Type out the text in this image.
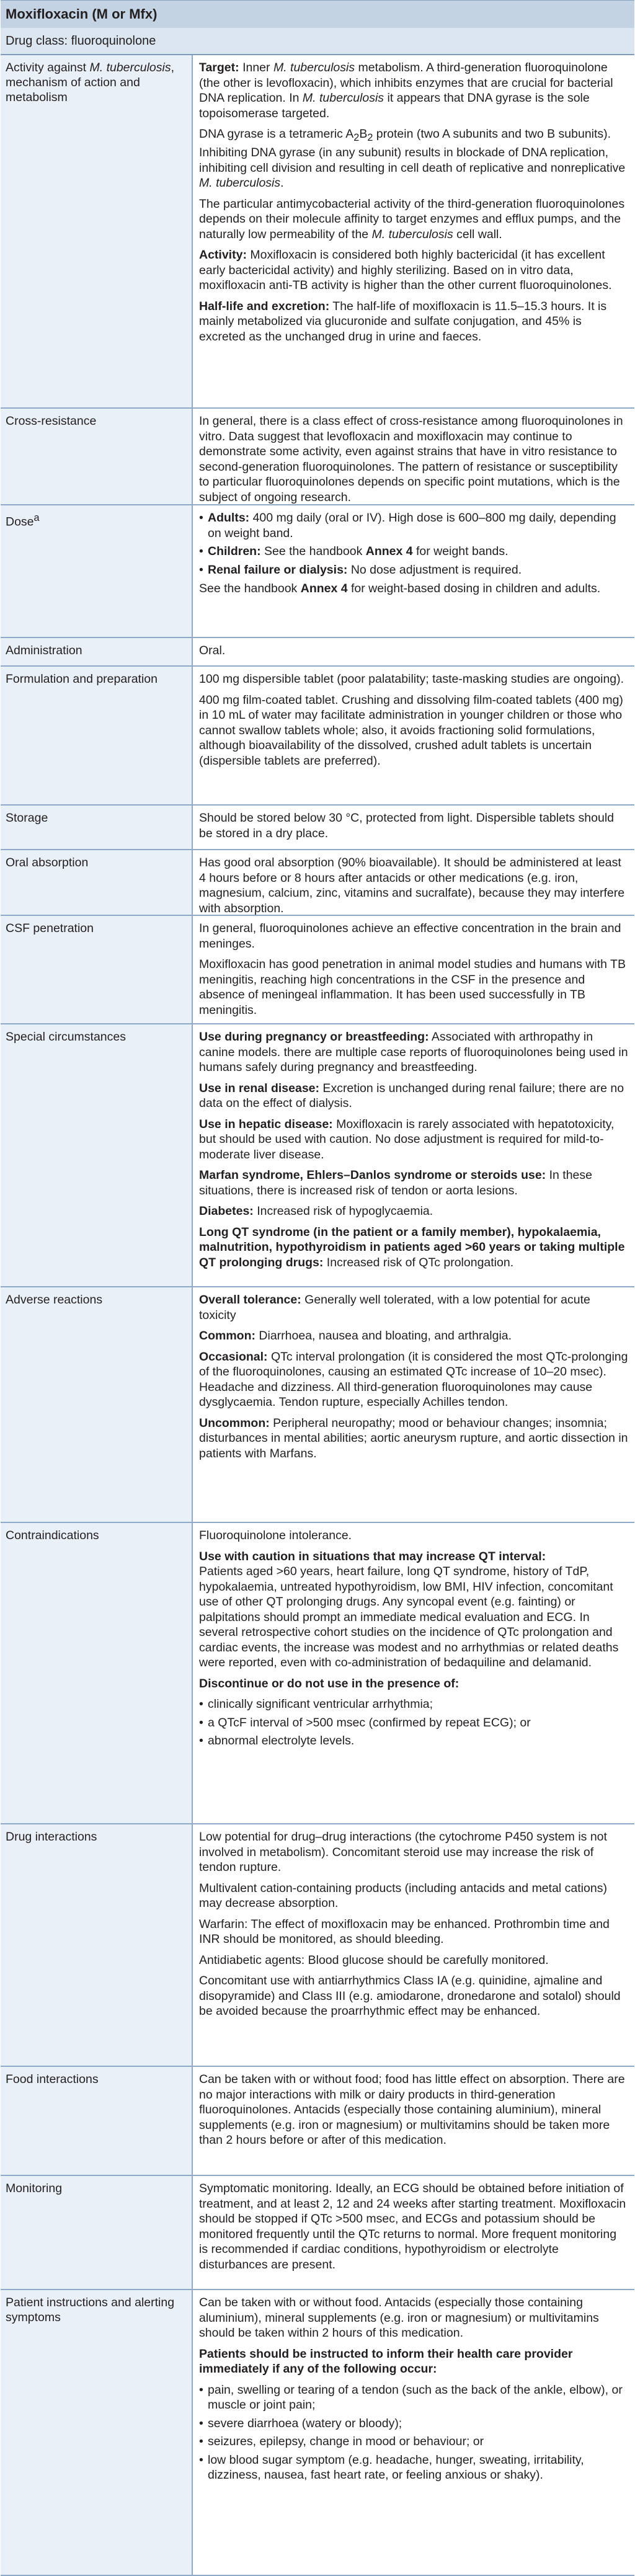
Moxifloxacin (M or Mfx)
Drug class: fluoroquinolone
Activity against M. tuberculosis, mechanism of action and metabolism

Target: Inner M. tuberculosis metabolism. A third-generation fluoroquinolone (the other is levofloxacin), which inhibits enzymes that are crucial for bacterial DNA replication. In M. tuberculosis it appears that DNA gyrase is the sole topoisomerase targeted.

DNA gyrase is a tetrameric $A_2B_2$ protein (two A subunits and two B subunits). Inhibiting DNA gyrase (in any subunit) results in blockade of DNA replication, inhibiting cell division and resulting in cell death of replicative and nonreplicative M. tuberculosis.

The particular antimycobacterial activity of the third-generation fluoroquinolones depends on their molecule affinity to target enzymes and efflux pumps, and the naturally low permeability of the M. tuberculosis cell wall.

Activity: Moxifloxacin is considered both highly bactericidal (it has excellent early bactericidal activity) and highly sterilizing. Based on in vitro data, moxifloxacin anti-TB activity is higher than the other current fluoroquinolones.

Half-life and excretion: The half-life of moxifloxacin is 11.5–15.3 hours. It is mainly metabolized via glucuronide and sulfate conjugation, and 45% is excreted as the unchanged drug in urine and faeces.

Cross-resistance	In general, there is a class effect of cross-resistance among fluoroquinolones in vitro. Data suggest that levofloxacin and moxifloxacin may continue to demonstrate some activity, even against strains that have in vitro resistance to second-generation fluoroquinolones. The pattern of resistance or susceptibility to particular fluoroquinolones depends on specific point mutations, which is the subject of ongoing research.

Dose$^a$
•	Adults: 400 mg daily (oral or IV). High dose is 600–800 mg daily, depending on weight band.
• Children: See the handbook Annex 4 for weight bands.
• Renal failure or dialysis: No dose adjustment is required.

See the handbook Annex 4 for weight-based dosing in children and adults.

Administration	Oral.

Formulation and preparation	100 mg dispersible tablet (poor palatability; taste-masking studies are ongoing).

400 mg film-coated tablet. Crushing and dissolving film-coated tablets (400 mg) in 10 mL of water may facilitate administration in younger children or those who cannot swallow tablets whole; also, it avoids fractioning solid formulations, although bioavailability of the dissolved, crushed adult tablets is uncertain (dispersible tablets are preferred).

Storage	Should be stored below 30 °C, protected from light. Dispersible tablets should be stored in a dry place.

Oral absorption	Has good oral absorption (90% bioavailable). It should be administered at least 4 hours before or 8 hours after antacids or other medications (e.g. iron, magnesium, calcium, zinc, vitamins and sucralfate), because they may interfere with absorption.

CSF penetration	In general, fluoroquinolones achieve an effective concentration in the brain and meninges.

Moxifloxacin has good penetration in animal model studies and humans with TB meningitis, reaching high concentrations in the CSF in the presence and absence of meningeal inflammation. It has been used successfully in TB meningitis.

Special circumstances	Use during pregnancy or breastfeeding: Associated with arthropathy in canine models. there are multiple case reports of fluoroquinolones being used in humans safely during pregnancy and breastfeeding.

Use in renal disease: Excretion is unchanged during renal failure; there are no data on the effect of dialysis.

Use in hepatic disease: Moxifloxacin is rarely associated with hepatotoxicity, but should be used with caution. No dose adjustment is required for mild-to-moderate liver disease.

Marfan syndrome, Ehlers–Danlos syndrome or steroids use: In these situations, there is increased risk of tendon or aorta lesions.

Diabetes: Increased risk of hypoglycaemia.

Long QT syndrome (in the patient or a family member), hypokalaemia, malnutrition, hypothyroidism in patients aged >60 years or taking multiple QT prolonging drugs: Increased risk of QTc prolongation.

Adverse reactions	Overall tolerance: Generally well tolerated, with a low potential for acute toxicity

Common: Diarrhoea, nausea and bloating, and arthralgia.

Occasional: QTc interval prolongation (it is considered the most QTc-prolonging of the fluoroquinolones, causing an estimated QTc increase of 10–20 msec). Headache and dizziness. All third-generation fluoroquinolones may cause dysglycaemia. Tendon rupture, especially Achilles tendon.

Uncommon: Peripheral neuropathy; mood or behaviour changes; insomnia; disturbances in mental abilities; aortic aneurysm rupture, and aortic dissection in patients with Marfans.

Contraindications	Fluoroquinolone intolerance.

Use with caution in situations that may increase QT interval:
Patients aged >60 years, heart failure, long QT syndrome, history of TdP, hypokalaemia, untreated hypothyroidism, low BMI, HIV infection, concomitant use of other QT prolonging drugs. Any syncopal event (e.g. fainting) or palpitations should prompt an immediate medical evaluation and ECG. In several retrospective cohort studies on the incidence of QTc prolongation and cardiac events, the increase was modest and no arrhythmias or related deaths were reported, even with co-administration of bedaquiline and delamanid.

Discontinue or do not use in the presence of:

• clinically significant ventricular arrhythmia;
• a QTcF interval of >500 msec (confirmed by repeat ECG); or
• abnormal electrolyte levels.
Drug interactions	Low potential for drug–drug interactions (the cytochrome P450 system is not involved in metabolism). Concomitant steroid use may increase the risk of tendon rupture.

Multivalent cation-containing products (including antacids and metal cations) may decrease absorption.

Warfarin: The effect of moxifloxacin may be enhanced. Prothrombin time and INR should be monitored, as should bleeding.

Antidiabetic agents: Blood glucose should be carefully monitored.

Concomitant use with antiarrhythmics Class IA (e.g. quinidine, ajmaline and disopyramide) and Class III (e.g. amiodarone, dronedarone and sotalol) should be avoided because the proarrhythmic effect may be enhanced.

Food interactions	Can be taken with or without food; food has little effect on absorption. There are no major interactions with milk or dairy products in third-generation fluoroquinolones. Antacids (especially those containing aluminium), mineral supplements (e.g. iron or magnesium) or multivitamins should be taken more than 2 hours before or after of this medication.

Monitoring	Symptomatic monitoring. Ideally, an ECG should be obtained before initiation of treatment, and at least 2, 12 and 24 weeks after starting treatment. Moxifloxacin should be stopped if QTc >500 msec, and ECGs and potassium should be monitored frequently until the QTc returns to normal. More frequent monitoring is recommended if cardiac conditions, hypothyroidism or electrolyte disturbances are present.

Patient instructions and alerting symptoms

Can be taken with or without food. Antacids (especially those containing aluminium), mineral supplements (e.g. iron or magnesium) or multivitamins should be taken within 2 hours of this medication.

Patients should be instructed to inform their health care provider immediately if any of the following occur:

• pain, swelling or tearing of a tendon (such as the back of the ankle, elbow), or muscle or joint pain;
• severe diarrhoea (watery or bloody);
• seizures, epilepsy, change in mood or behaviour; or
• low blood sugar symptom (e.g. headache, hunger, sweating, irritability, dizziness, nausea, fast heart rate, or feeling anxious or shaky).
